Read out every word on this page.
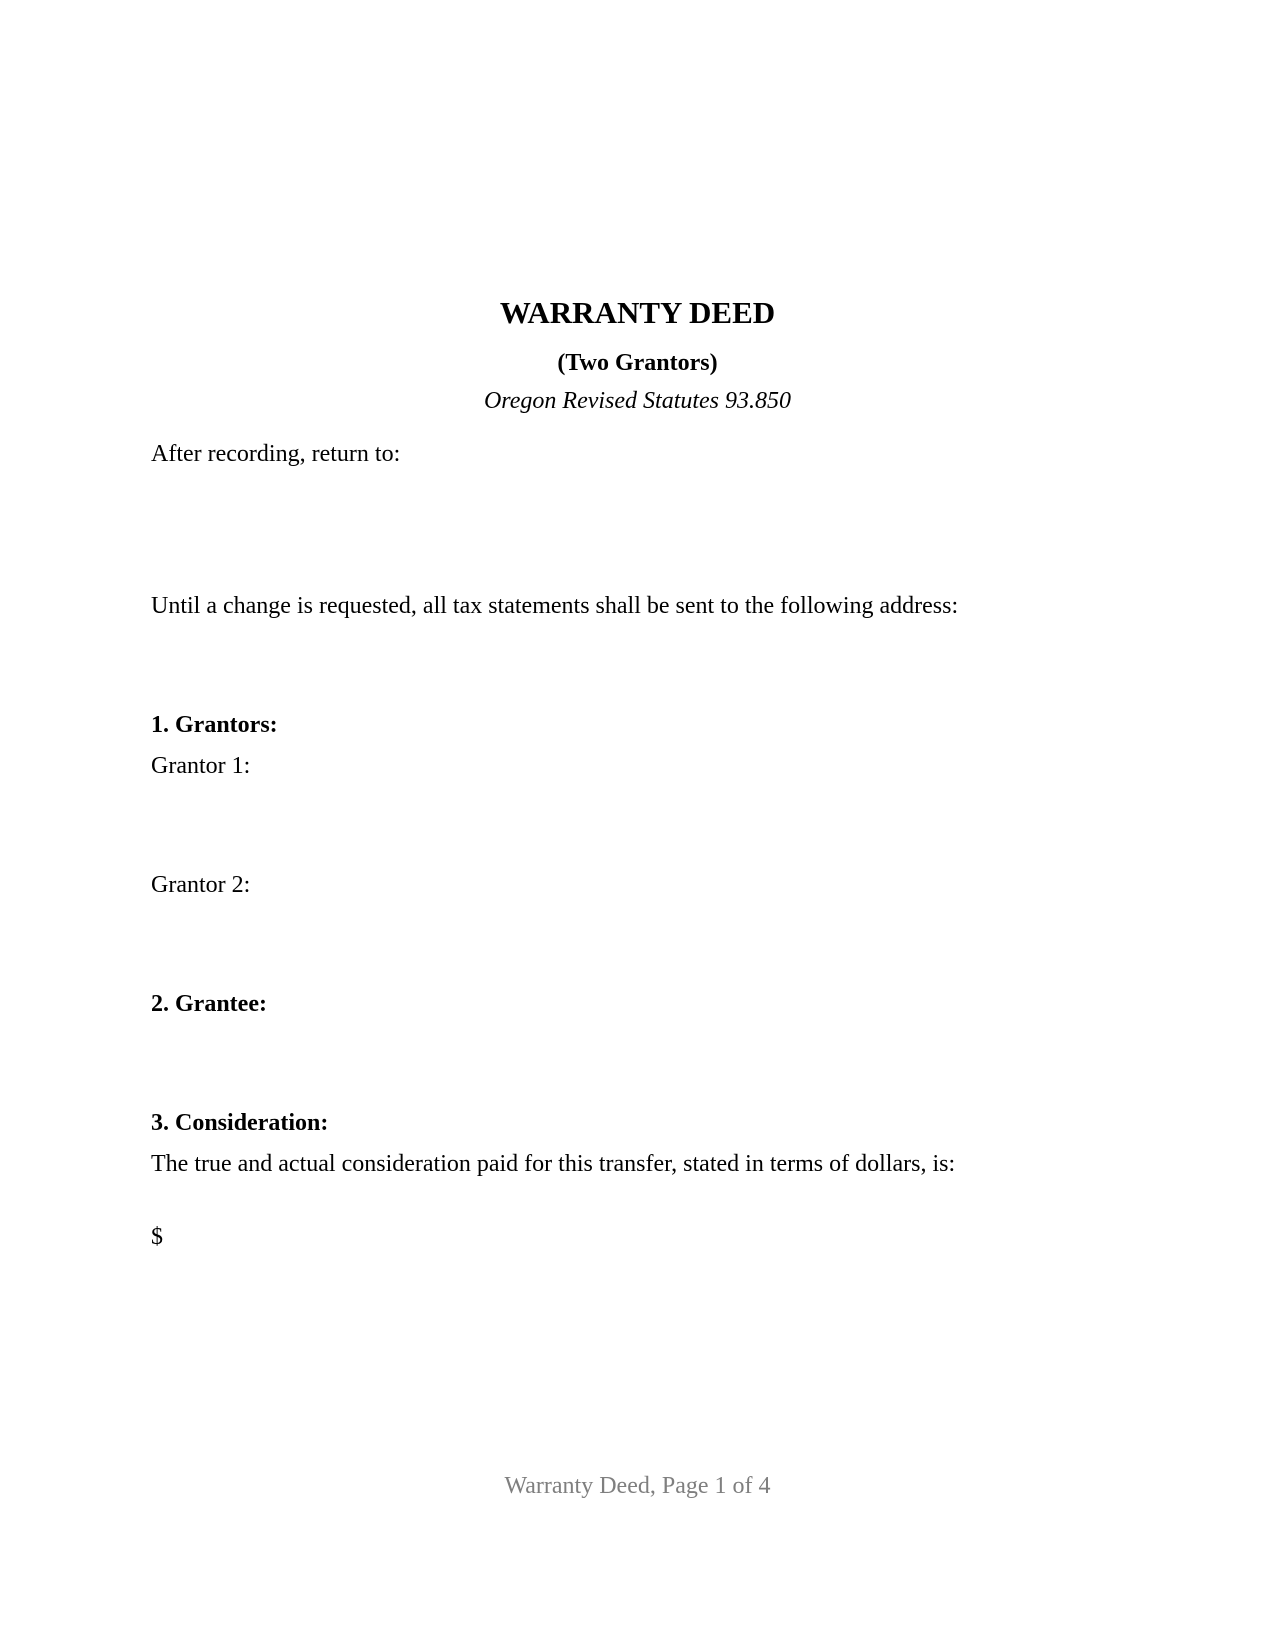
WARRANTY DEED
(Two Grantors)
Oregon Revised Statutes 93.850
After recording, return to:
Until a change is requested, all tax statements shall be sent to the following address:
1. Grantors:
Grantor 1:
Grantor 2:
2. Grantee:
3. Consideration:
The true and actual consideration paid for this transfer, stated in terms of dollars, is:
$
Warranty Deed, Page 1 of 4
